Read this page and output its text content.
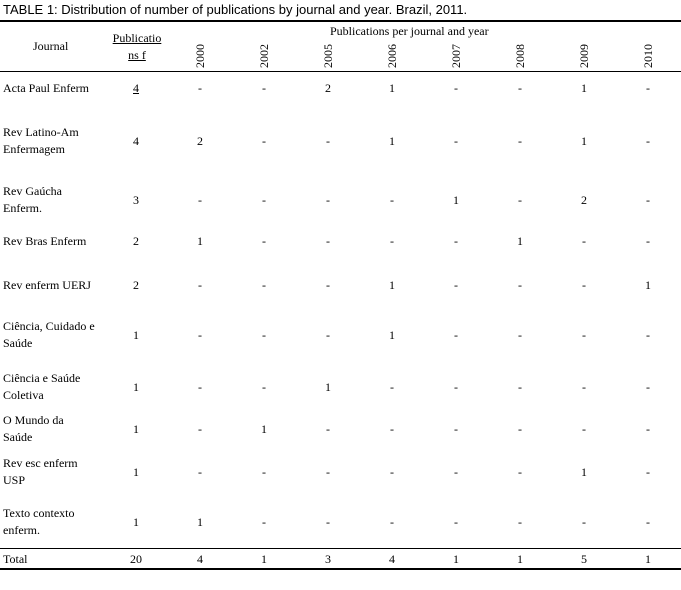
TABLE 1: Distribution of number of publications by journal and year. Brazil, 2011.
Journal
Publicatio
ns f
Publications per journal and year
2000	2002	2005	2006	2007	2008	2009	2010
Acta Paul Enferm	4	-	-	2	1	-	-	1	-
Rev Latino-Am
Enfermagem
4	2	-	-	1	-	-	1	-
Rev Gaúcha
Enferm.
3	-	-	-	-	1	-	2	-
Rev Bras Enferm	2	1	-	-	-	-	1	-	-
Rev enferm UERJ	2	-	-	-	1	-	-	-	1
Ciência, Cuidado e
Saúde
1	-	-	-	1	-	-	-	-
Ciência e Saúde
Coletiva
1	-	-	1	-	-	-	-	-
O Mundo da
Saúde
1	-	1	-	-	-	-	-	-
Rev esc enferm
USP
1	-	-	-	-	-	-	1	-
Texto contexto
enferm.
1	1	-	-	-	-	-	-	-
Total	20	4	1	3	4	1	1	5	1
